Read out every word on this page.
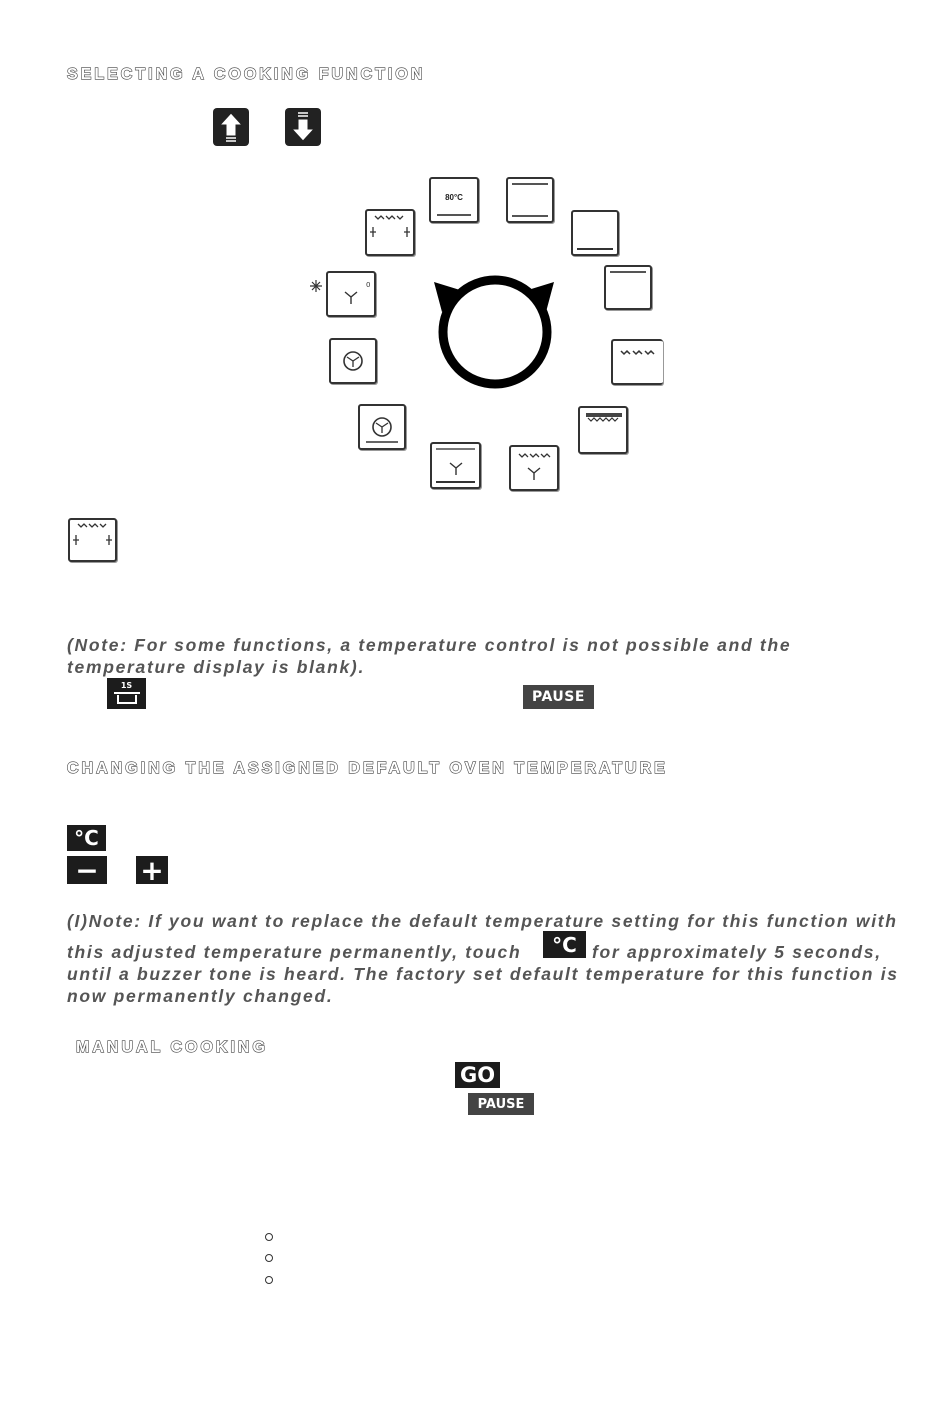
SELECTING A COOKING FUNCTION
80°C
0
(Note: For some functions, a temperature control is not possible and the
temperature display is blank).
1S
PAUSE
CHANGING THE ASSIGNED DEFAULT OVEN TEMPERATURE
°C
− +
(I)Note: If you want to replace the default temperature setting for this function with
this adjusted temperature permanently, touch	°C for approximately 5 seconds,
until a buzzer tone is heard. The factory set default temperature for this function is
now permanently changed.
MANUAL COOKING
GO
PAUSE
